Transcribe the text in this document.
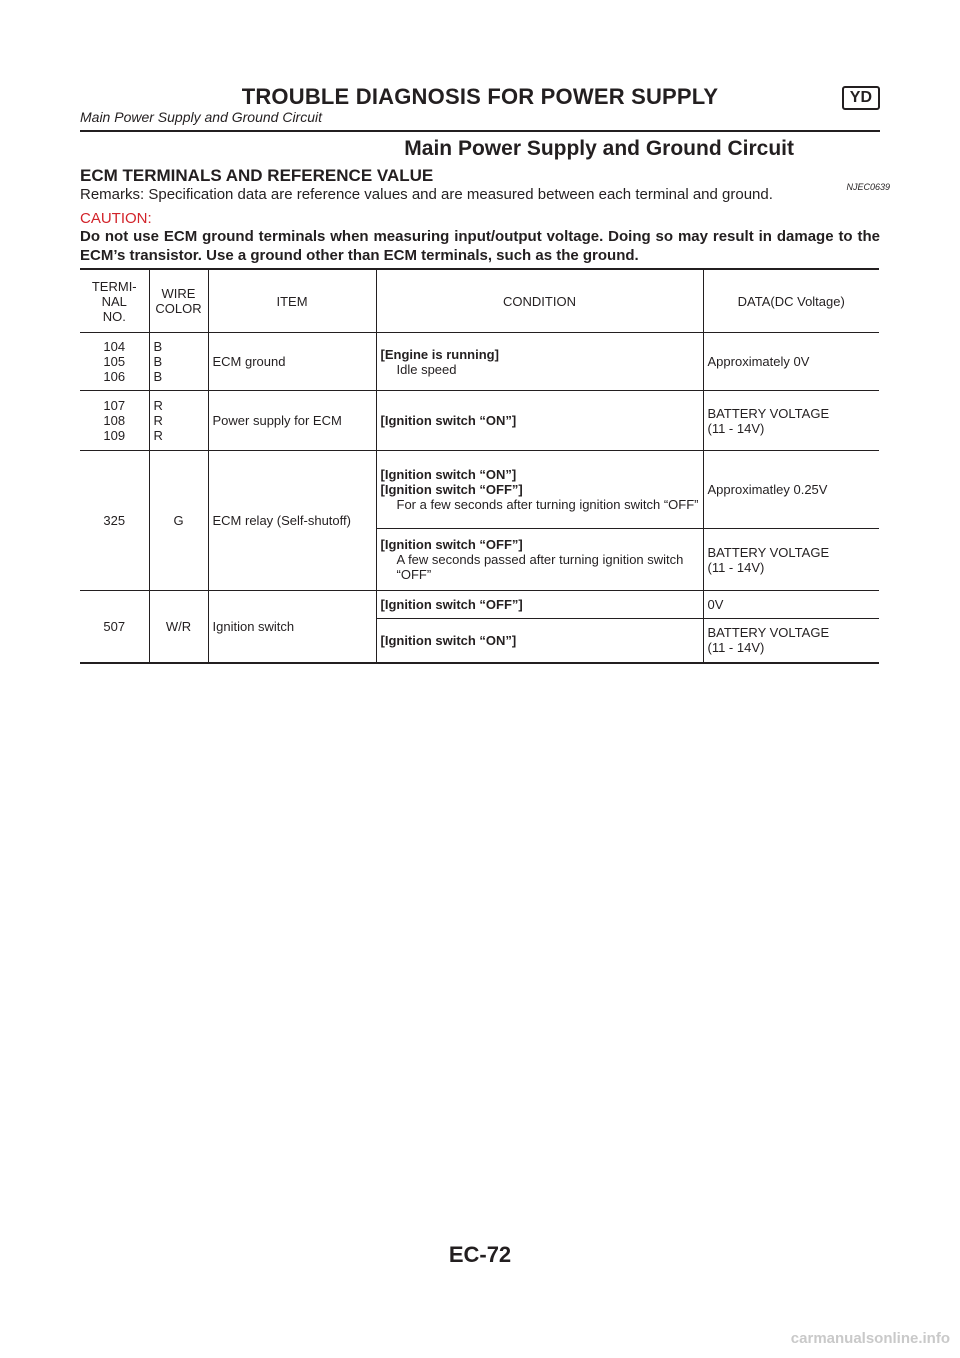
TROUBLE DIAGNOSIS FOR POWER SUPPLY	YD
Main Power Supply and Ground Circuit
Main Power Supply and Ground Circuit
ECM TERMINALS AND REFERENCE VALUE
NJEC0639
Remarks: Specification data are reference values and are measured between each terminal and ground.
CAUTION:
Do not use ECM ground terminals when measuring input/output voltage. Doing so may result in damage to the ECM’s transistor. Use a ground other than ECM terminals, such as the ground.
TERMI-
NAL
NO.	WIRE
COLOR	ITEM	CONDITION	DATA(DC Voltage)
104
105
106	B
B
B	ECM ground	[Engine is running]
Idle speed	Approximately 0V
107
108
109	R
R
R	Power supply for ECM	[Ignition switch “ON”]	BATTERY VOLTAGE
(11 - 14V)
325	G	ECM relay (Self-shutoff)	[Ignition switch “ON”]
[Ignition switch “OFF”]
For a few seconds after turning ignition switch “OFF”	Approximatley 0.25V

			[Ignition switch “OFF”]
A few seconds passed after turning ignition switch “OFF”	BATTERY VOLTAGE
(11 - 14V)
507	W/R	Ignition switch	[Ignition switch “OFF”]	0V

			[Ignition switch “ON”]	BATTERY VOLTAGE
(11 - 14V)
EC-72
carmanualsonline.info
